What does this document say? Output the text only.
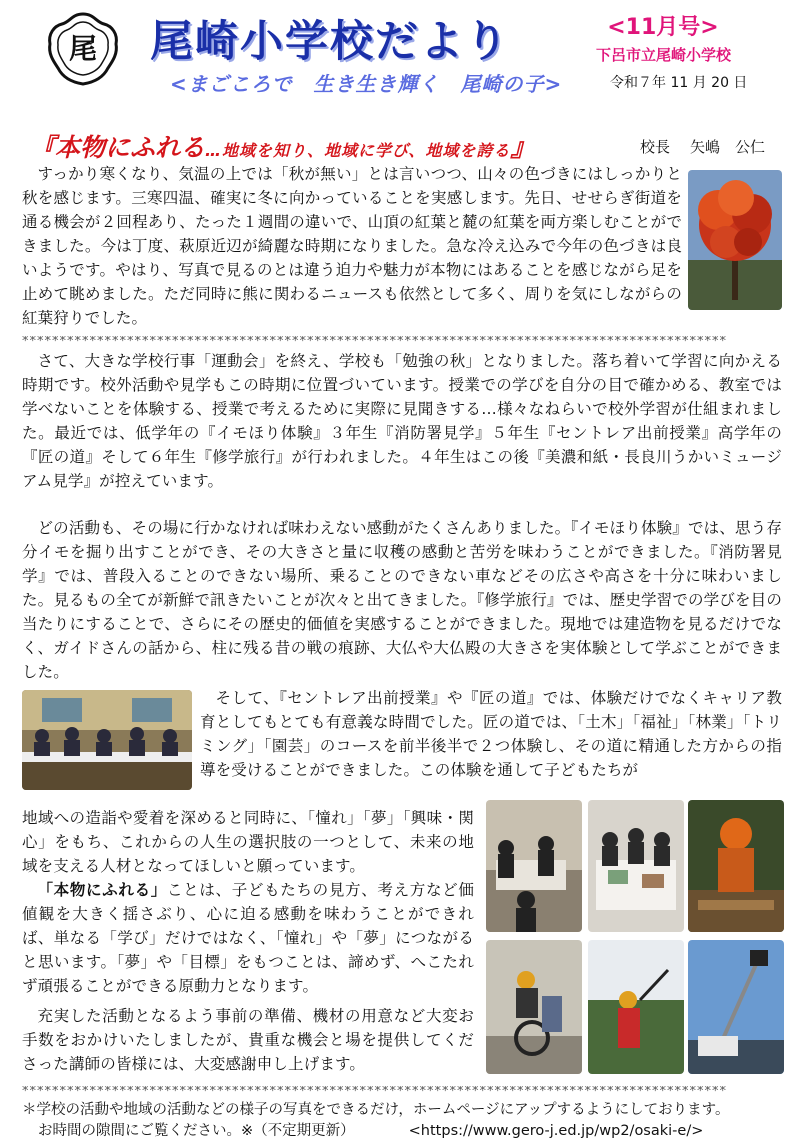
尾 尾崎小学校だより
<まごころで　生き生き輝く　尾崎の子>
<11月号>
下呂市立尾崎小学校
令和７年 11 月 20 日
『本物にふれる…地域を知り、地域に学び、地域を誇る』	校長 矢嶋　公仁
すっかり寒くなり、気温の上では「秋が無い」とは言いつつ、山々の色づきにはしっかりと秋を感じます。三寒四温、確実に冬に向かっていることを実感します。先日、せせらぎ街道を通る機会が２回程あり、たった１週間の違いで、山頂の紅葉と麓の紅葉を両方楽しむことができました。今は丁度、萩原近辺が綺麗な時期になりました。急な冷え込みで今年の色づきは良いようです。やはり、写真で見るのとは違う迫力や魅力が本物にはあることを感じながら足を止めて眺めました。ただ同時に熊に関わるニュースも依然として多く、周りを気にしながらの紅葉狩りでした。
**********************************************************************************************
さて、大きな学校行事「運動会」を終え、学校も「勉強の秋」となりました。落ち着いて学習に向かえる時期です。校外活動や見学もこの時期に位置づいています。授業での学びを自分の目で確かめる、教室では学べないことを体験する、授業で考えるために実際に見聞きする…様々なねらいで校外学習が仕組まれました。最近では、低学年の『イモほり体験』３年生『消防署見学』５年生『セントレア出前授業』高学年の『匠の道』そして６年生『修学旅行』が行われました。４年生はこの後『美濃和紙・長良川うかいミュージアム見学』が控えています。
どの活動も、その場に行かなければ味わえない感動がたくさんありました。『イモほり体験』では、思う存分イモを掘り出すことができ、その大きさと量に収穫の感動と苦労を味わうことができました。『消防署見学』では、普段入ることのできない場所、乗ることのできない車などその広さや高さを十分に味わいました。見るもの全てが新鮮で訊きたいことが次々と出てきました。『修学旅行』では、歴史学習での学びを目の当たりにすることで、さらにその歴史的価値を実感することができました。現地では建造物を見るだけでなく、ガイドさんの話から、柱に残る昔の戦の痕跡、大仏や大仏殿の大きさを実体験として学ぶことができました。
そして、『セントレア出前授業』や『匠の道』では、体験だけでなくキャリア教育としてもとても有意義な時間でした。匠の道では、「土木」「福祉」「林業」「トリミング」「園芸」のコースを前半後半で２つ体験し、その道に精通した方からの指導を受けることができました。この体験を通して子どもたちが
地域への造詣や愛着を深めると同時に、「憧れ」「夢」「興味・関心」をもち、これからの人生の選択肢の一つとして、未来の地域を支える人材となってほしいと願っています。
「本物にふれる」ことは、子どもたちの見方、考え方など価値観を大きく揺さぶり、心に迫る感動を味わうことができれば、単なる「学び」だけではなく、「憧れ」や「夢」につながると思います。「夢」や「目標」をもつことは、諦めず、へこたれず頑張ることができる原動力となります。
充実した活動となるよう事前の準備、機材の用意など大変お手数をおかけいたしましたが、貴重な機会と場を提供してくださった講師の皆様には、大変感謝申し上げます。
**********************************************************************************************
＊学校の活動や地域の活動などの様子の写真をできるだけ，ホームページにアップするようにしております。
お時間の隙間にご覧ください。※（不定期更新）	<https://www.gero-j.ed.jp/wp2/osaki-e/>
